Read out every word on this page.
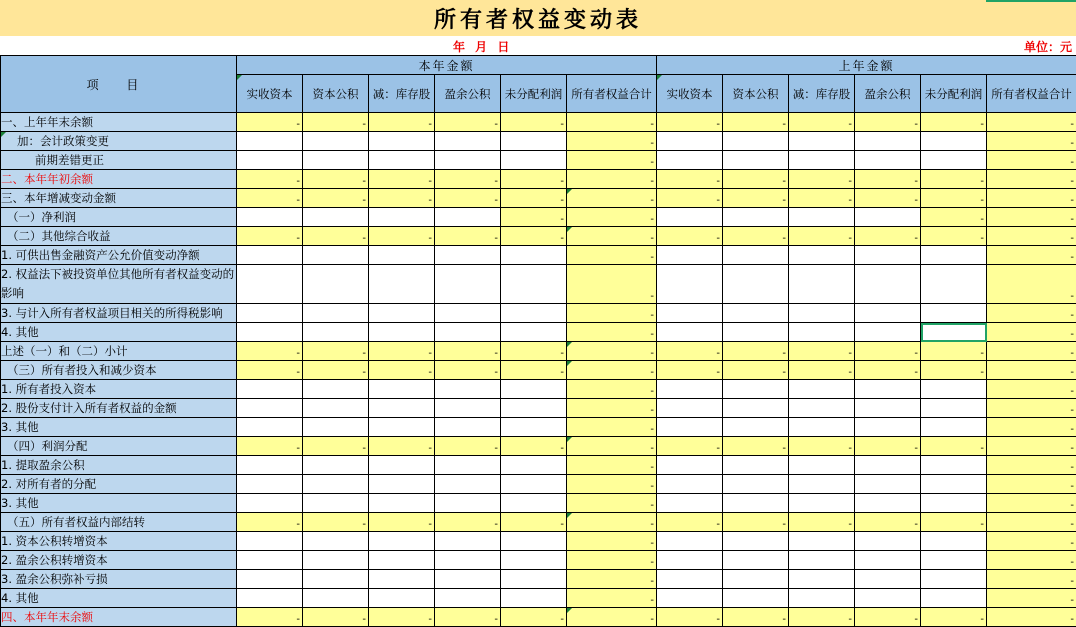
所有者权益变动表
年 月 日	单位：元
项 目	本年金额						上年金额					
	实收资本	资本公积	减：库存股	盈余公积	未分配利润	所有者权益合计	实收资本	资本公积	减：库存股	盈余公积	未分配利润	所有者权益合计
一、上年年末余额	-	-	-	-	-	-	-	-	-	-	-	-

加：会计政策变更						-						-

前期差错更正						-						-

二、本年年初余额	-	-	-	-	-	-	-	-	-	-	-	-

三、本年增减变动金额	-	-	-	-	-	-	-	-	-	-	-	-

（一）净利润					-	-					-	-

（二）其他综合收益	-	-	-	-	-	-	-	-	-	-	-	-

1. 可供出售金融资产公允价值变动净额						-						-

2. 权益法下被投资单位其他所有者权益变动的影响						-						-

3. 与计入所有者权益项目相关的所得税影响						-						-

4. 其他						-						-

上述（一）和（二）小计	-	-	-	-	-	-	-	-	-	-	-	-

（三）所有者投入和减少资本	-	-	-	-	-	-	-	-	-	-	-	-

1. 所有者投入资本						-						-

2. 股份支付计入所有者权益的金额						-						-

3. 其他						-						-

（四）利润分配	-	-	-	-	-	-	-	-	-	-	-	-

1. 提取盈余公积						-						-

2. 对所有者的分配						-						-

3. 其他						-						-

（五）所有者权益内部结转	-	-	-	-	-	-	-	-	-	-	-	-

1. 资本公积转增资本						-						-

2. 盈余公积转增资本						-						-

3. 盈余公积弥补亏损						-						-

4. 其他						-						-

四、本年年末余额	-	-	-	-	-	-	-	-	-	-	-	-
